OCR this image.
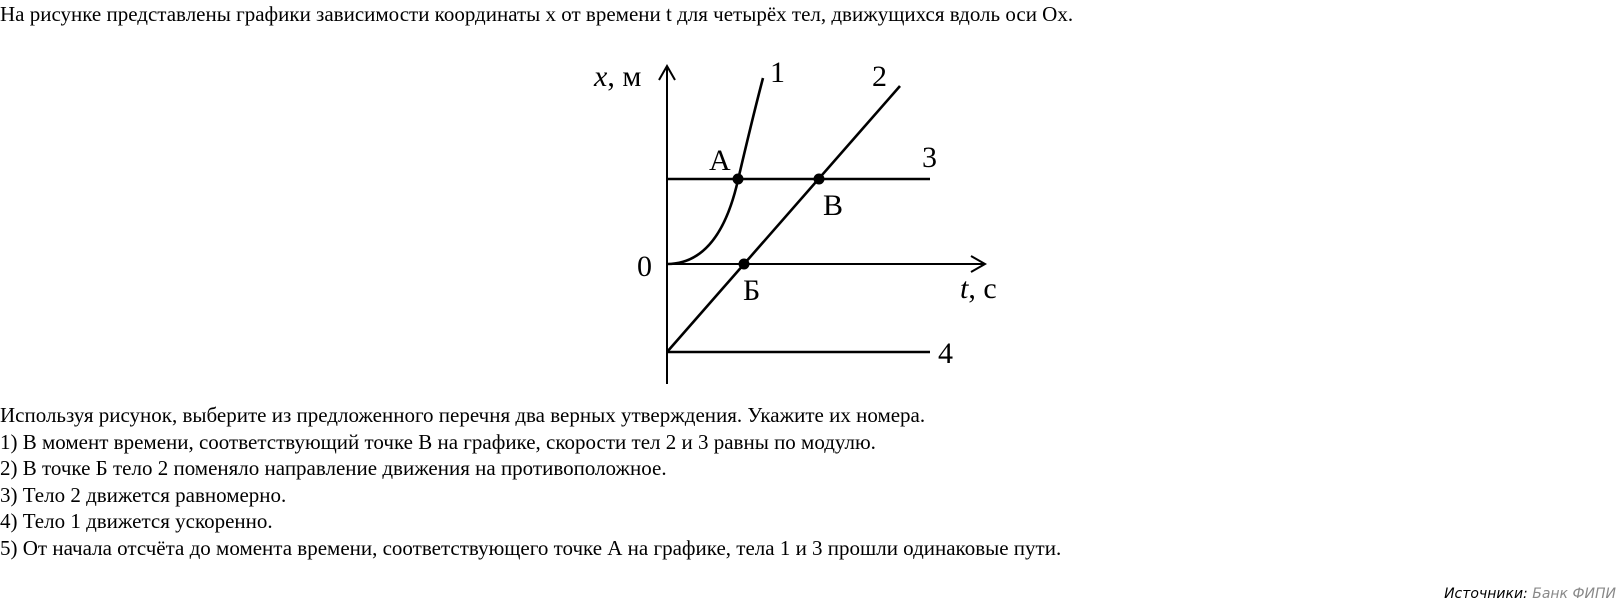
На рисунке представлены графики зависимости координаты x от времени t для четырёх тел, движущихся вдоль оси Ox.
x, м
t, с
0
1	2
3
4
А
В
Б
Используя рисунок, выберите из предложенного перечня два верных утверждения. Укажите их номера.
1) В момент времени, соответствующий точке В на графике, скорости тел 2 и 3 равны по модулю.
2) В точке Б тело 2 поменяло направление движения на противоположное.
3) Тело 2 движется равномерно.
4) Тело 1 движется ускоренно.
5) От начала отсчёта до момента времени, соответствующего точке А на графике, тела 1 и 3 прошли одинаковые пути.
Источники: Банк ФИПИ
